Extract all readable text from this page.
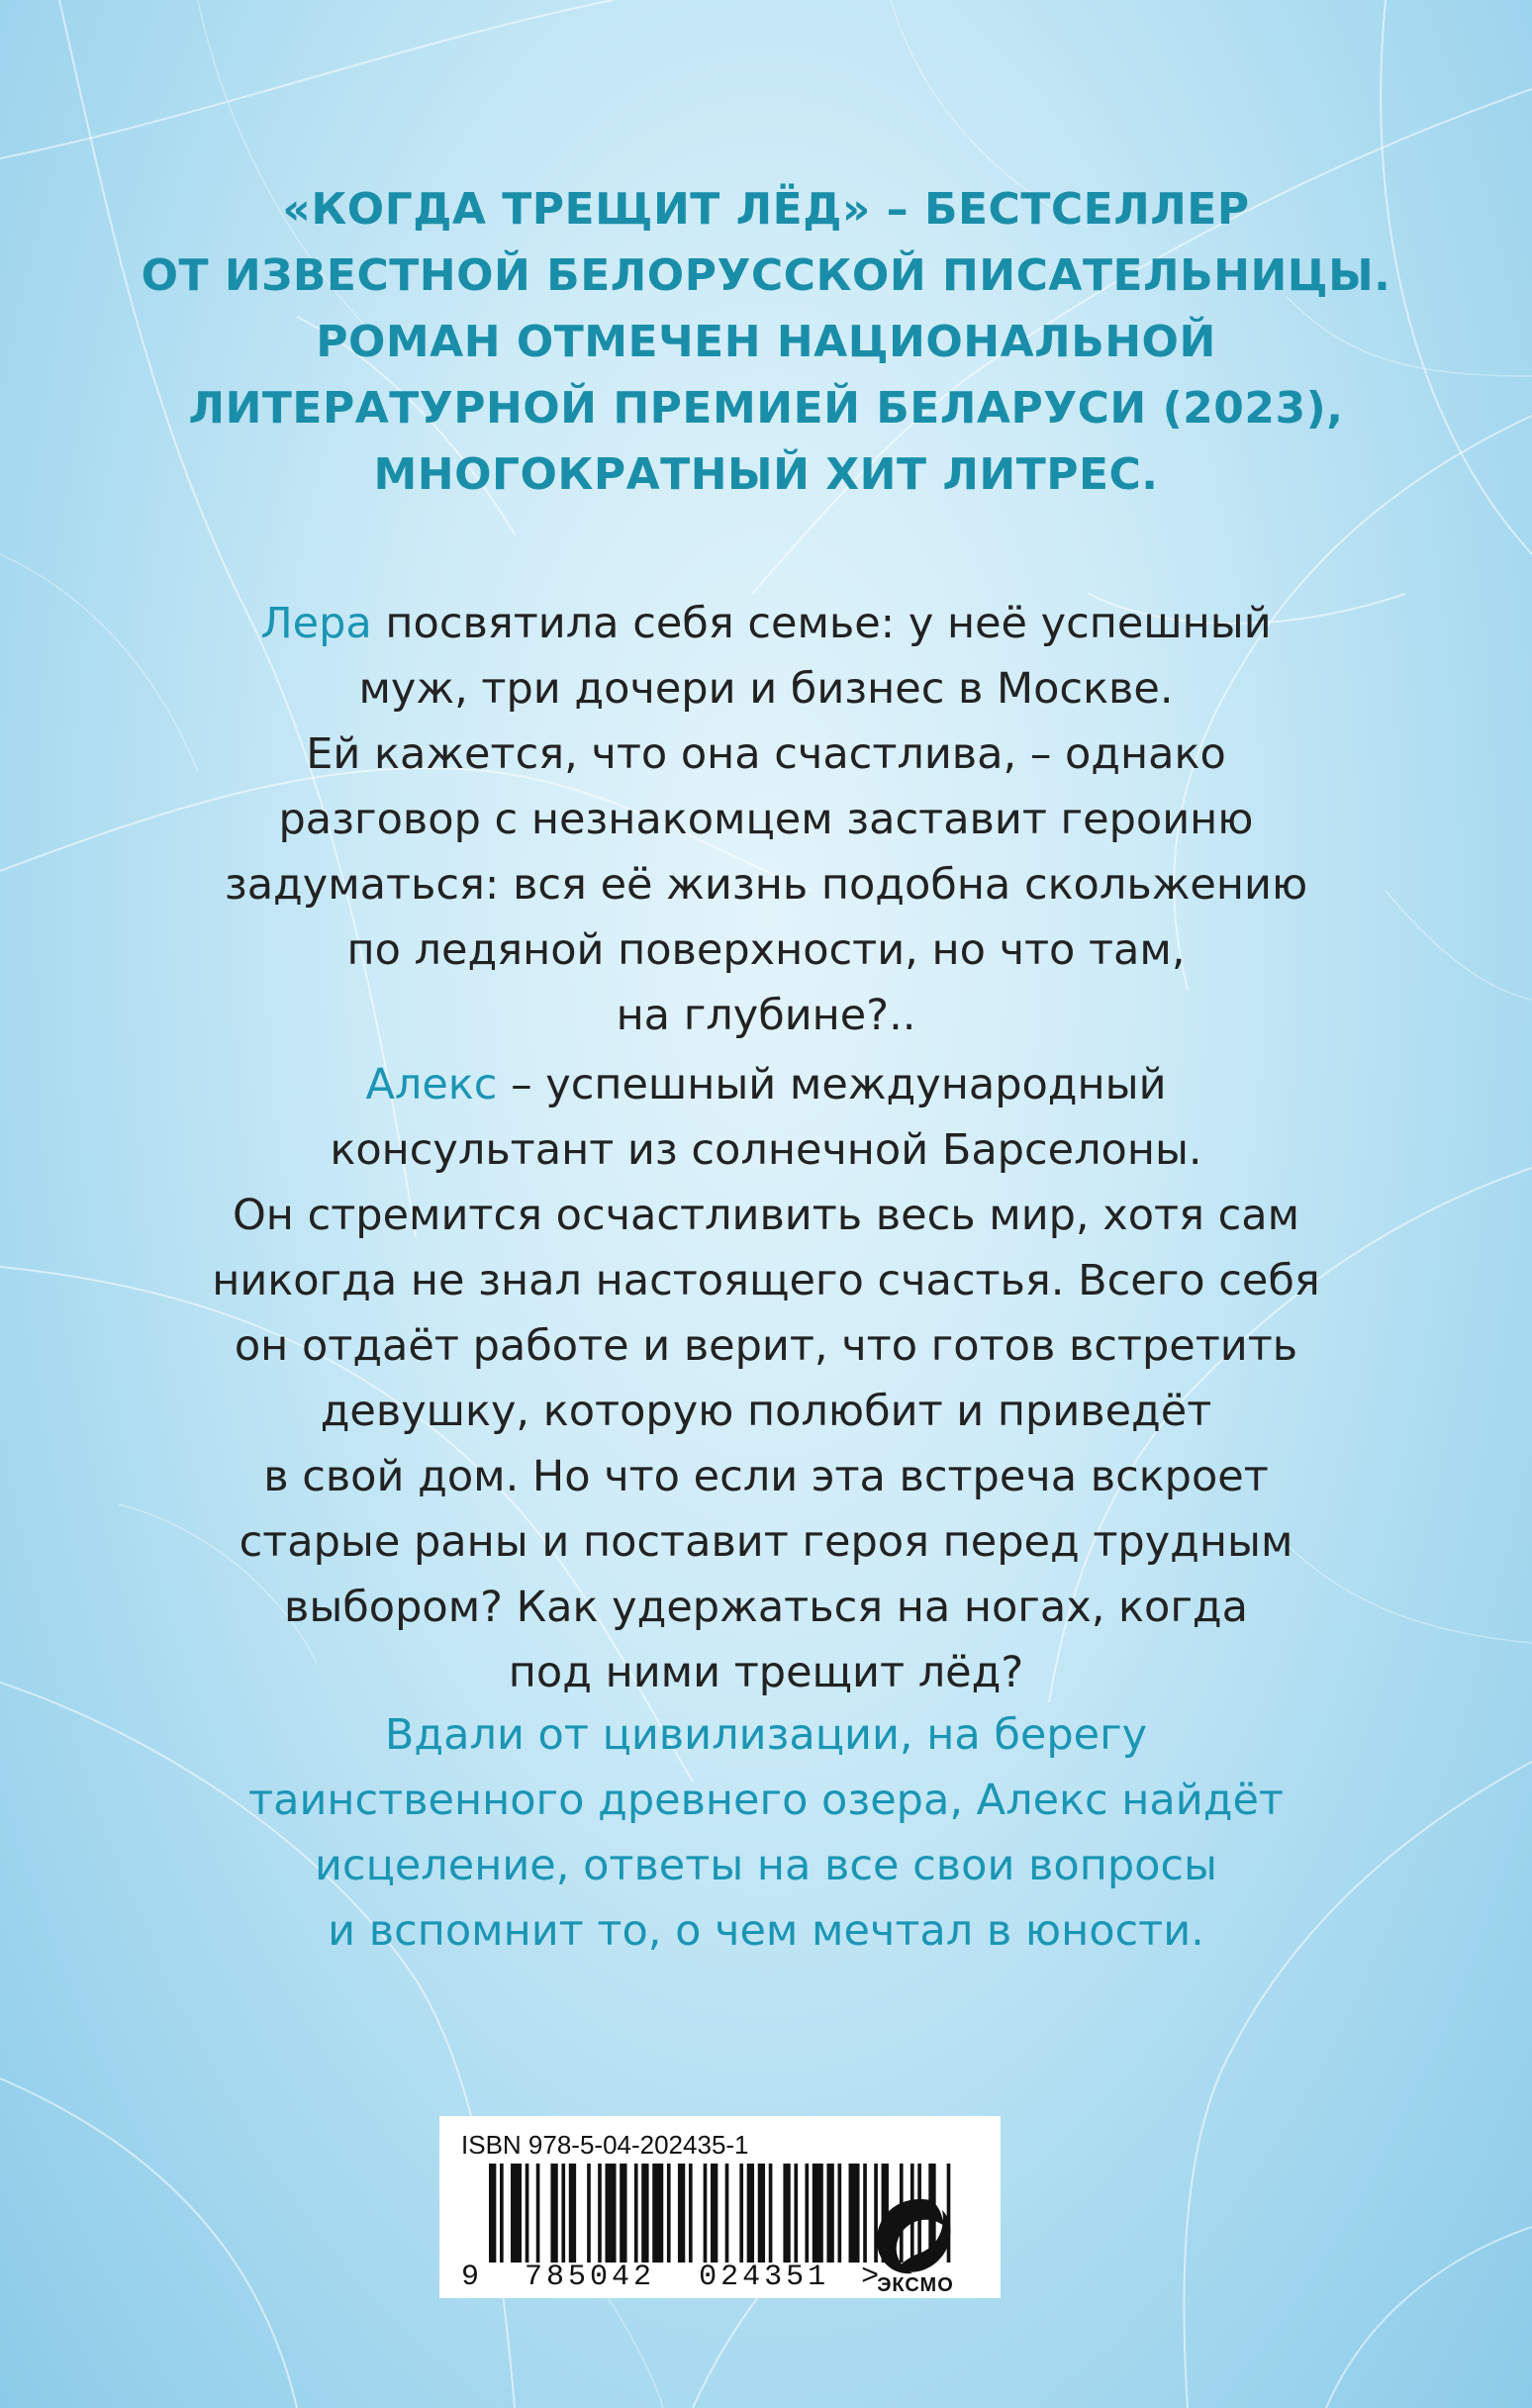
«КОГДА ТРЕЩИТ ЛЁД» – БЕСТСЕЛЛЕР
ОТ ИЗВЕСТНОЙ БЕЛОРУССКОЙ ПИСАТЕЛЬНИЦЫ.
РОМАН ОТМЕЧЕН НАЦИОНАЛЬНОЙ
ЛИТЕРАТУРНОЙ ПРЕМИЕЙ БЕЛАРУСИ (2023),
МНОГОКРАТНЫЙ ХИТ ЛИТРЕС.
Лера посвятила себя семье: у неё успешный
муж, три дочери и бизнес в Москве.
Ей кажется, что она счастлива, – однако
разговор с незнакомцем заставит героиню
задуматься: вся её жизнь подобна скольжению
по ледяной поверхности, но что там,
на глубине?..
Алекс – успешный международный
консультант из солнечной Барселоны.
Он стремится осчастливить весь мир, хотя сам
никогда не знал настоящего счастья. Всего себя
он отдаёт работе и верит, что готов встретить
девушку, которую полюбит и приведёт
в свой дом. Но что если эта встреча вскроет
старые раны и поставит героя перед трудным
выбором? Как удержаться на ногах, когда
под ними трещит лёд?
Вдали от цивилизации, на берегу
таинственного древнего озера, Алекс найдёт
исцеление, ответы на все свои вопросы
и вспомнит то, о чем мечтал в юности.
ISBN 978-5-04-202435-1
9 785042 024351 >
ЭКСМО
